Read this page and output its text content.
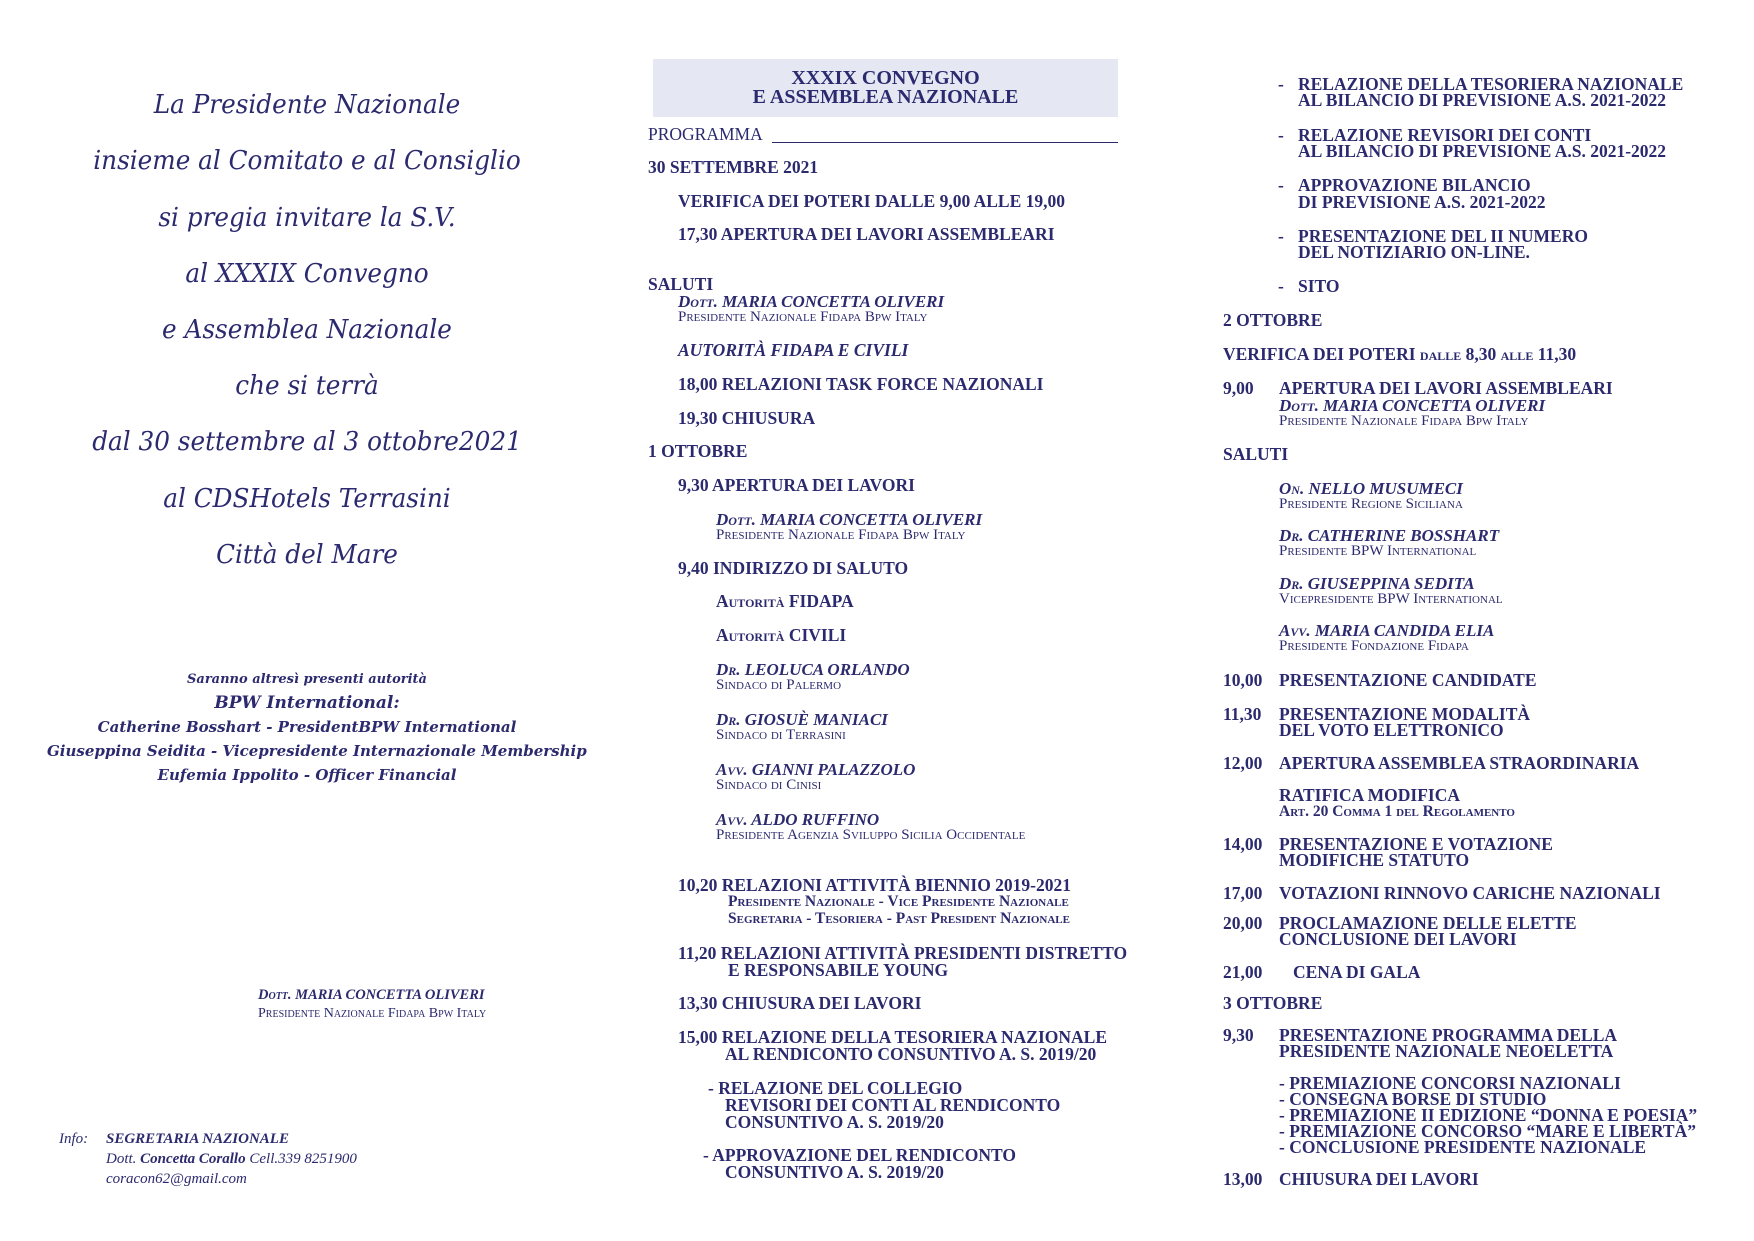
La Presidente Nazionale
insieme al Comitato e al Consiglio
si pregia invitare la S.V.
al XXXIX Convegno
e Assemblea Nazionale
che si terrà
dal 30 settembre al 3 ottobre2021
al CDSHotels Terrasini
Città del Mare
Saranno altresì presenti autorità
BPW International:
Catherine Bosshart - PresidentBPW International
Giuseppina Seidita - Vicepresidente Internazionale Membership
Eufemia Ippolito - Officer Financial
Dott. MARIA CONCETTA OLIVERI
Presidente Nazionale Fidapa Bpw Italy
Info: SEGRETARIA NAZIONALE
Dott. Concetta Corallo Cell.339 8251900
coracon62@gmail.com
XXXIX CONVEGNO
E ASSEMBLEA NAZIONALE
PROGRAMMA
30 SETTEMBRE 2021
VERIFICA DEI POTERI DALLE 9,00 ALLE 19,00
17,30 APERTURA DEI LAVORI ASSEMBLEARI
SALUTI
Dott. MARIA CONCETTA OLIVERI
Presidente Nazionale Fidapa Bpw Italy
AUTORITÀ FIDAPA E CIVILI
18,00 RELAZIONI TASK FORCE NAZIONALI
19,30 CHIUSURA
1 OTTOBRE
9,30 APERTURA DEI LAVORI
Dott. MARIA CONCETTA OLIVERI
Presidente Nazionale Fidapa Bpw Italy
9,40 INDIRIZZO DI SALUTO
Autorità FIDAPA
Autorità CIVILI
Dr. LEOLUCA ORLANDO
Sindaco di Palermo
Dr. GIOSUÈ MANIACI
Sindaco di Terrasini
Avv. GIANNI PALAZZOLO
Sindaco di Cinisi
Avv. ALDO RUFFINO
Presidente Agenzia Sviluppo Sicilia Occidentale
10,20 RELAZIONI ATTIVITÀ BIENNIO 2019-2021
Presidente Nazionale - Vice Presidente Nazionale
Segretaria - Tesoriera - Past President Nazionale
11,20 RELAZIONI ATTIVITÀ PRESIDENTI DISTRETTO
E RESPONSABILE YOUNG
13,30 CHIUSURA DEI LAVORI
15,00 RELAZIONE DELLA TESORIERA NAZIONALE
AL RENDICONTO CONSUNTIVO A. S. 2019/20
- RELAZIONE DEL COLLEGIO
REVISORI DEI CONTI AL RENDICONTO
CONSUNTIVO A. S. 2019/20
- APPROVAZIONE DEL RENDICONTO
CONSUNTIVO A. S. 2019/20
- RELAZIONE DELLA TESORIERA NAZIONALE
AL BILANCIO DI PREVISIONE A.S. 2021-2022
- RELAZIONE REVISORI DEI CONTI
AL BILANCIO DI PREVISIONE A.S. 2021-2022
- APPROVAZIONE BILANCIO
DI PREVISIONE A.S. 2021-2022
- PRESENTAZIONE DEL II NUMERO
DEL NOTIZIARIO ON-LINE.
- SITO
2 OTTOBRE
VERIFICA DEI POTERI dalle 8,30 alle 11,30
9,00 APERTURA DEI LAVORI ASSEMBLEARI
Dott. MARIA CONCETTA OLIVERI
Presidente Nazionale Fidapa Bpw Italy
SALUTI
On. NELLO MUSUMECI
Presidente Regione Siciliana
Dr. CATHERINE BOSSHART
Presidente BPW International
Dr. GIUSEPPINA SEDITA
Vicepresidente BPW International
Avv. MARIA CANDIDA ELIA
Presidente Fondazione Fidapa
10,00 PRESENTAZIONE CANDIDATE
11,30 PRESENTAZIONE MODALITÀ
DEL VOTO ELETTRONICO
12,00 APERTURA ASSEMBLEA STRAORDINARIA
RATIFICA MODIFICA
Art. 20 Comma 1 del Regolamento
14,00 PRESENTAZIONE E VOTAZIONE
MODIFICHE STATUTO
17,00 VOTAZIONI RINNOVO CARICHE NAZIONALI
20,00 PROCLAMAZIONE DELLE ELETTE
CONCLUSIONE DEI LAVORI
21,00 CENA DI GALA
3 OTTOBRE
9,30 PRESENTAZIONE PROGRAMMA DELLA
PRESIDENTE NAZIONALE NEOELETTA
- PREMIAZIONE CONCORSI NAZIONALI
- CONSEGNA BORSE DI STUDIO
- PREMIAZIONE II EDIZIONE “DONNA E POESIA”
- PREMIAZIONE CONCORSO “MARE E LIBERTÀ”
- CONCLUSIONE PRESIDENTE NAZIONALE
13,00 CHIUSURA DEI LAVORI
